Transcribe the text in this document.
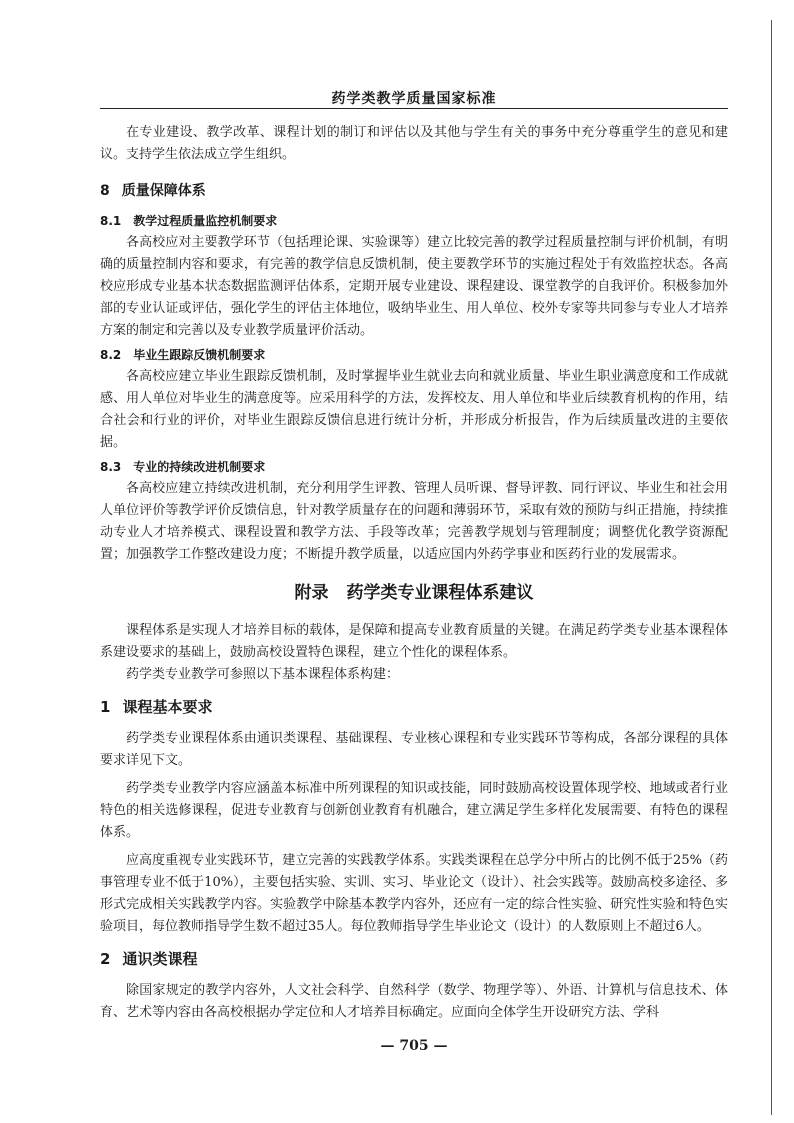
药学类教学质量国家标准

在专业建设、教学改革、课程计划的制订和评估以及其他与学生有关的事务中充分尊重学生的意见和建议。支持学生依法成立学生组织。

8 质量保障体系
8.1 教学过程质量监控机制要求

各高校应对主要教学环节（包括理论课、实验课等）建立比较完善的教学过程质量控制与评价机制，有明确的质量控制内容和要求，有完善的教学信息反馈机制，使主要教学环节的实施过程处于有效监控状态。各高校应形成专业基本状态数据监测评估体系，定期开展专业建设、课程建设、课堂教学的自我评价。积极参加外部的专业认证或评估，强化学生的评估主体地位，吸纳毕业生、用人单位、校外专家等共同参与专业人才培养方案的制定和完善以及专业教学质量评价活动。

8.2 毕业生跟踪反馈机制要求

各高校应建立毕业生跟踪反馈机制，及时掌握毕业生就业去向和就业质量、毕业生职业满意度和工作成就感、用人单位对毕业生的满意度等。应采用科学的方法，发挥校友、用人单位和毕业后续教育机构的作用，结合社会和行业的评价，对毕业生跟踪反馈信息进行统计分析，并形成分析报告，作为后续质量改进的主要依据。

8.3 专业的持续改进机制要求

各高校应建立持续改进机制，充分利用学生评教、管理人员听课、督导评教、同行评议、毕业生和社会用人单位评价等教学评价反馈信息，针对教学质量存在的问题和薄弱环节，采取有效的预防与纠正措施，持续推动专业人才培养模式、课程设置和教学方法、手段等改革；完善教学规划与管理制度；调整优化教学资源配置；加强教学工作整改建设力度；不断提升教学质量，以适应国内外药学事业和医药行业的发展需求。

附录 药学类专业课程体系建议

课程体系是实现人才培养目标的载体，是保障和提高专业教育质量的关键。在满足药学类专业基本课程体系建设要求的基础上，鼓励高校设置特色课程，建立个性化的课程体系。

药学类专业教学可参照以下基本课程体系构建：

1 课程基本要求

药学类专业课程体系由通识类课程、基础课程、专业核心课程和专业实践环节等构成，各部分课程的具体要求详见下文。

药学类专业教学内容应涵盖本标准中所列课程的知识或技能，同时鼓励高校设置体现学校、地域或者行业特色的相关选修课程，促进专业教育与创新创业教育有机融合，建立满足学生多样化发展需要、有特色的课程体系。

应高度重视专业实践环节，建立完善的实践教学体系。实践类课程在总学分中所占的比例不低于25%（药事管理专业不低于10%），主要包括实验、实训、实习、毕业论文（设计）、社会实践等。鼓励高校多途径、多形式完成相关实践教学内容。实验教学中除基本教学内容外，还应有一定的综合性实验、研究性实验和特色实验项目，每位教师指导学生数不超过35人。每位教师指导学生毕业论文（设计）的人数原则上不超过6人。

2 通识类课程

除国家规定的教学内容外，人文社会科学、自然科学（数学、物理学等）、外语、计算机与信息技术、体育、艺术等内容由各高校根据办学定位和人才培养目标确定。应面向全体学生开设研究方法、学科

— 705 —
